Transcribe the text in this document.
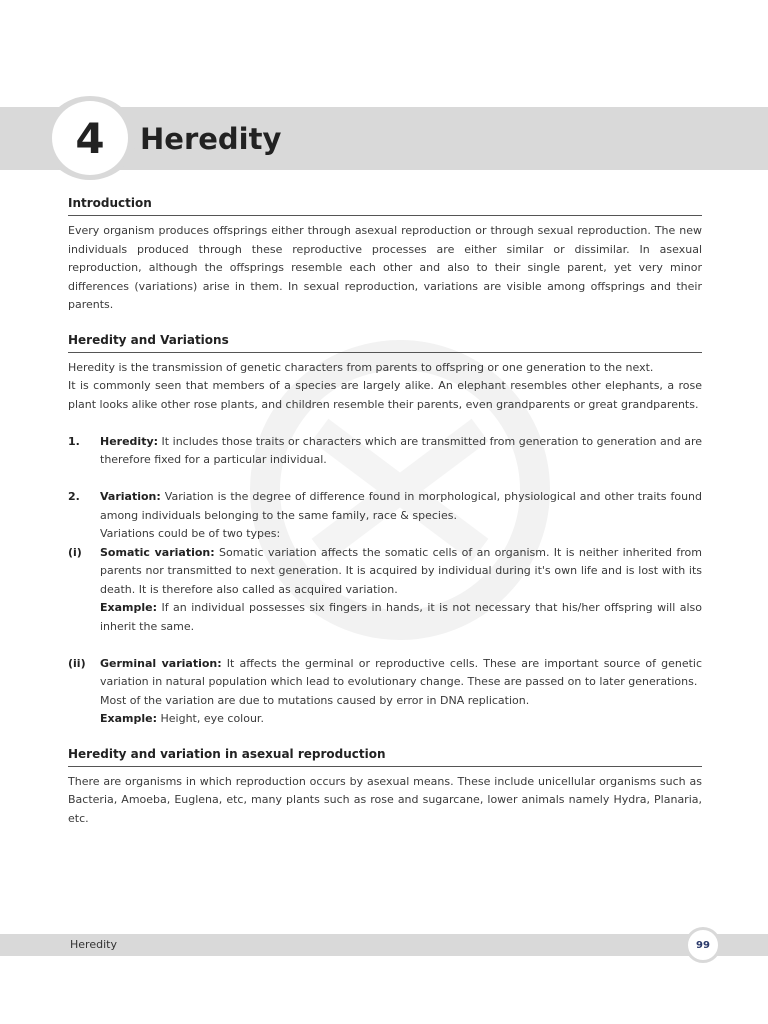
4	Heredity
Introduction

Every organism produces offsprings either through asexual reproduction or through sexual reproduction. The new individuals produced through these reproductive processes are either similar or dissimilar. In asexual reproduction, although the offsprings resemble each other and also to their single parent, yet very minor differences (variations) arise in them. In sexual reproduction, variations are visible among offsprings and their parents.

Heredity and Variations

Heredity is the transmission of genetic characters from parents to offspring or one generation to the next.

It is commonly seen that members of a species are largely alike. An elephant resembles other elephants, a rose plant looks alike other rose plants, and children resemble their parents, even grandparents or great grandparents.

1.	Heredity: It includes those traits or characters which are transmitted from generation to generation and are therefore fixed for a particular individual.
2.	Variation: Variation is the degree of difference found in morphological, physiological and other traits found among individuals belonging to the same family, race & species.
Variations could be of two types:
(i)	Somatic variation: Somatic variation affects the somatic cells of an organism. It is neither inherited from parents nor transmitted to next generation. It is acquired by individual during it's own life and is lost with its death. It is therefore also called as acquired variation.
Example: If an individual possesses six fingers in hands, it is not necessary that his/her offspring will also inherit the same.
(ii)	Germinal variation: It affects the germinal or reproductive cells. These are important source of genetic variation in natural population which lead to evolutionary change. These are passed on to later generations.
Most of the variation are due to mutations caused by error in DNA replication.
Example: Height, eye colour.
Heredity and variation in asexual reproduction

There are organisms in which reproduction occurs by asexual means. These include unicellular organisms such as Bacteria, Amoeba, Euglena, etc, many plants such as rose and sugarcane, lower animals namely Hydra, Planaria, etc.

Heredity	99
